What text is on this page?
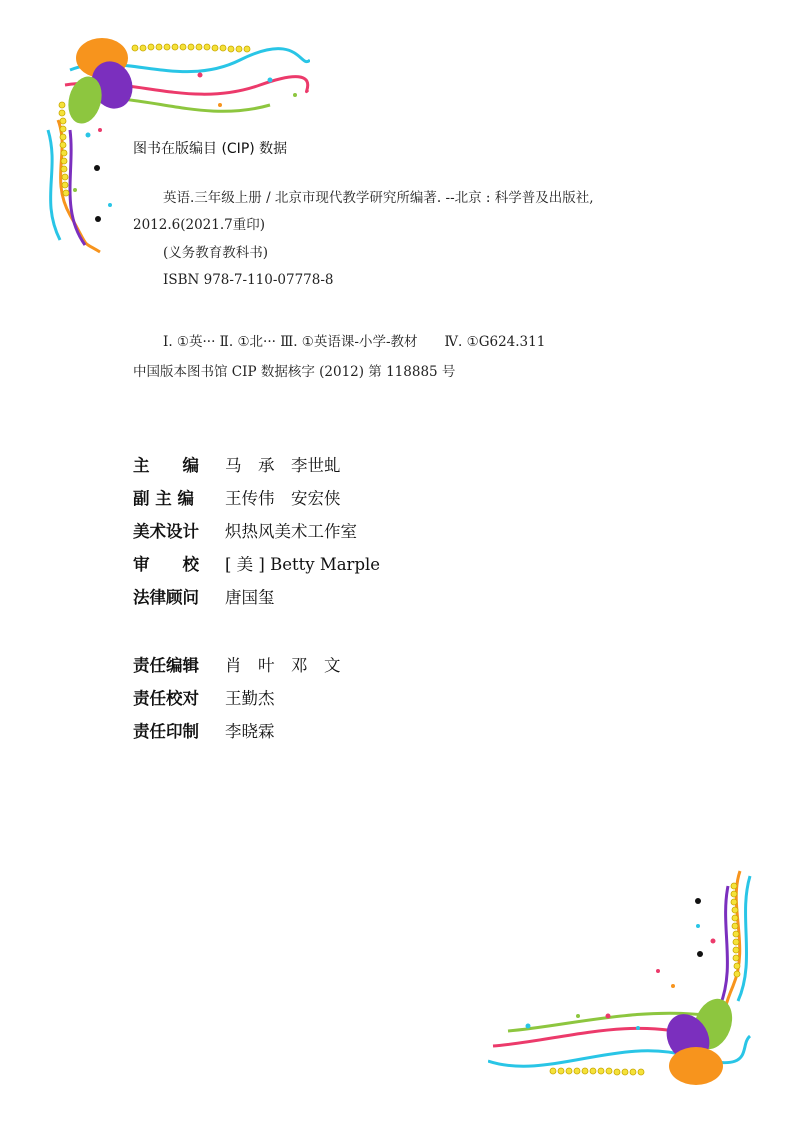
图书在版编目 (CIP) 数据
英语.三年级上册 / 北京市现代教学研究所编著. --北京 : 科学普及出版社,
2012.6(2021.7重印)
(义务教育教科书)
ISBN 978-7-110-07778-8
Ⅰ. ①英··· Ⅱ. ①北··· Ⅲ. ①英语课-小学-教材　　Ⅳ. ①G624.311
中国版本图书馆 CIP 数据核字 (2012) 第 118885 号
主　　编	马　承　李世虬
副 主 编	王传伟　安宏侠
美术设计	炽热风美术工作室
审　　校	[ 美 ] Betty Marple
法律顾问	唐国玺
责任编辑	肖　叶　邓　文
责任校对	王勤杰
责任印制	李晓霖
